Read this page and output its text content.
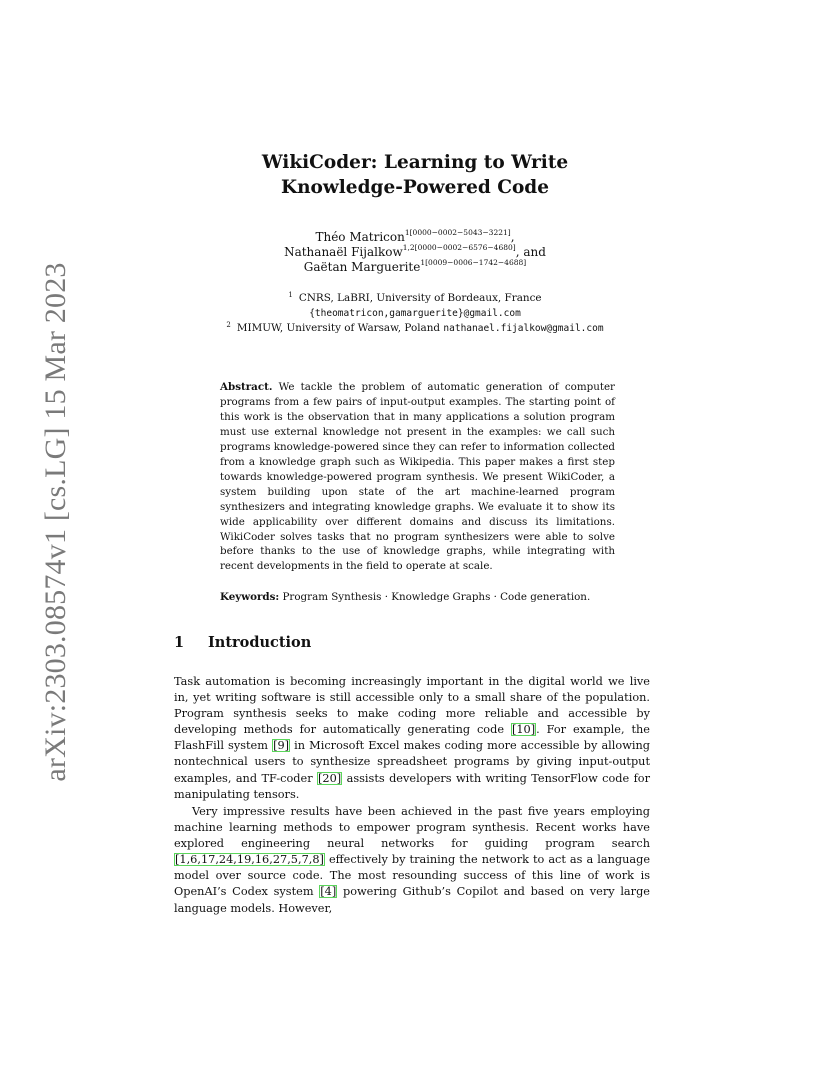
arXiv:2303.08574v1 [cs.LG] 15 Mar 2023
WikiCoder: Learning to Write
Knowledge-Powered Code
Théo Matricon$^{1[0000-0002-5043-3221]}$,
Nathanaël Fijalkow$^{1,2[0000-0002-6576-4680]}$, and
Gaëtan Marguerite$^{1[0009-0006-1742-4688]}$
$^1$ CNRS, LaBRI, University of Bordeaux, France
{theomatricon,gamarguerite}@gmail.com
$^2$ MIMUW, University of Warsaw, Poland nathanael.fijalkow@gmail.com
Abstract. We tackle the problem of automatic generation of computer programs from a few pairs of input-output examples. The starting point of this work is the observation that in many applications a solution program must use external knowledge not present in the examples: we call such programs knowledge-powered since they can refer to information collected from a knowledge graph such as Wikipedia. This paper makes a first step towards knowledge-powered program synthesis. We present WikiCoder, a system building upon state of the art machine-learned program synthesizers and integrating knowledge graphs. We evaluate it to show its wide applicability over different domains and discuss its limitations. WikiCoder solves tasks that no program synthesizers were able to solve before thanks to the use of knowledge graphs, while integrating with recent developments in the field to operate at scale.
Keywords: Program Synthesis · Knowledge Graphs · Code generation.
1 Introduction
Task automation is becoming increasingly important in the digital world we live in, yet writing software is still accessible only to a small share of the population. Program synthesis seeks to make coding more reliable and accessible by developing methods for automatically generating code [10]. For example, the FlashFill system [9] in Microsoft Excel makes coding more accessible by allowing nontechnical users to synthesize spreadsheet programs by giving input-output examples, and TF-coder [20] assists developers with writing TensorFlow code for manipulating tensors.
Very impressive results have been achieved in the past five years employing machine learning methods to empower program synthesis. Recent works have explored engineering neural networks for guiding program search [1,6,17,24,19,16,27,5,7,8] effectively by training the network to act as a language model over source code. The most resounding success of this line of work is OpenAI’s Codex system [4] powering Github’s Copilot and based on very large language models. However,
